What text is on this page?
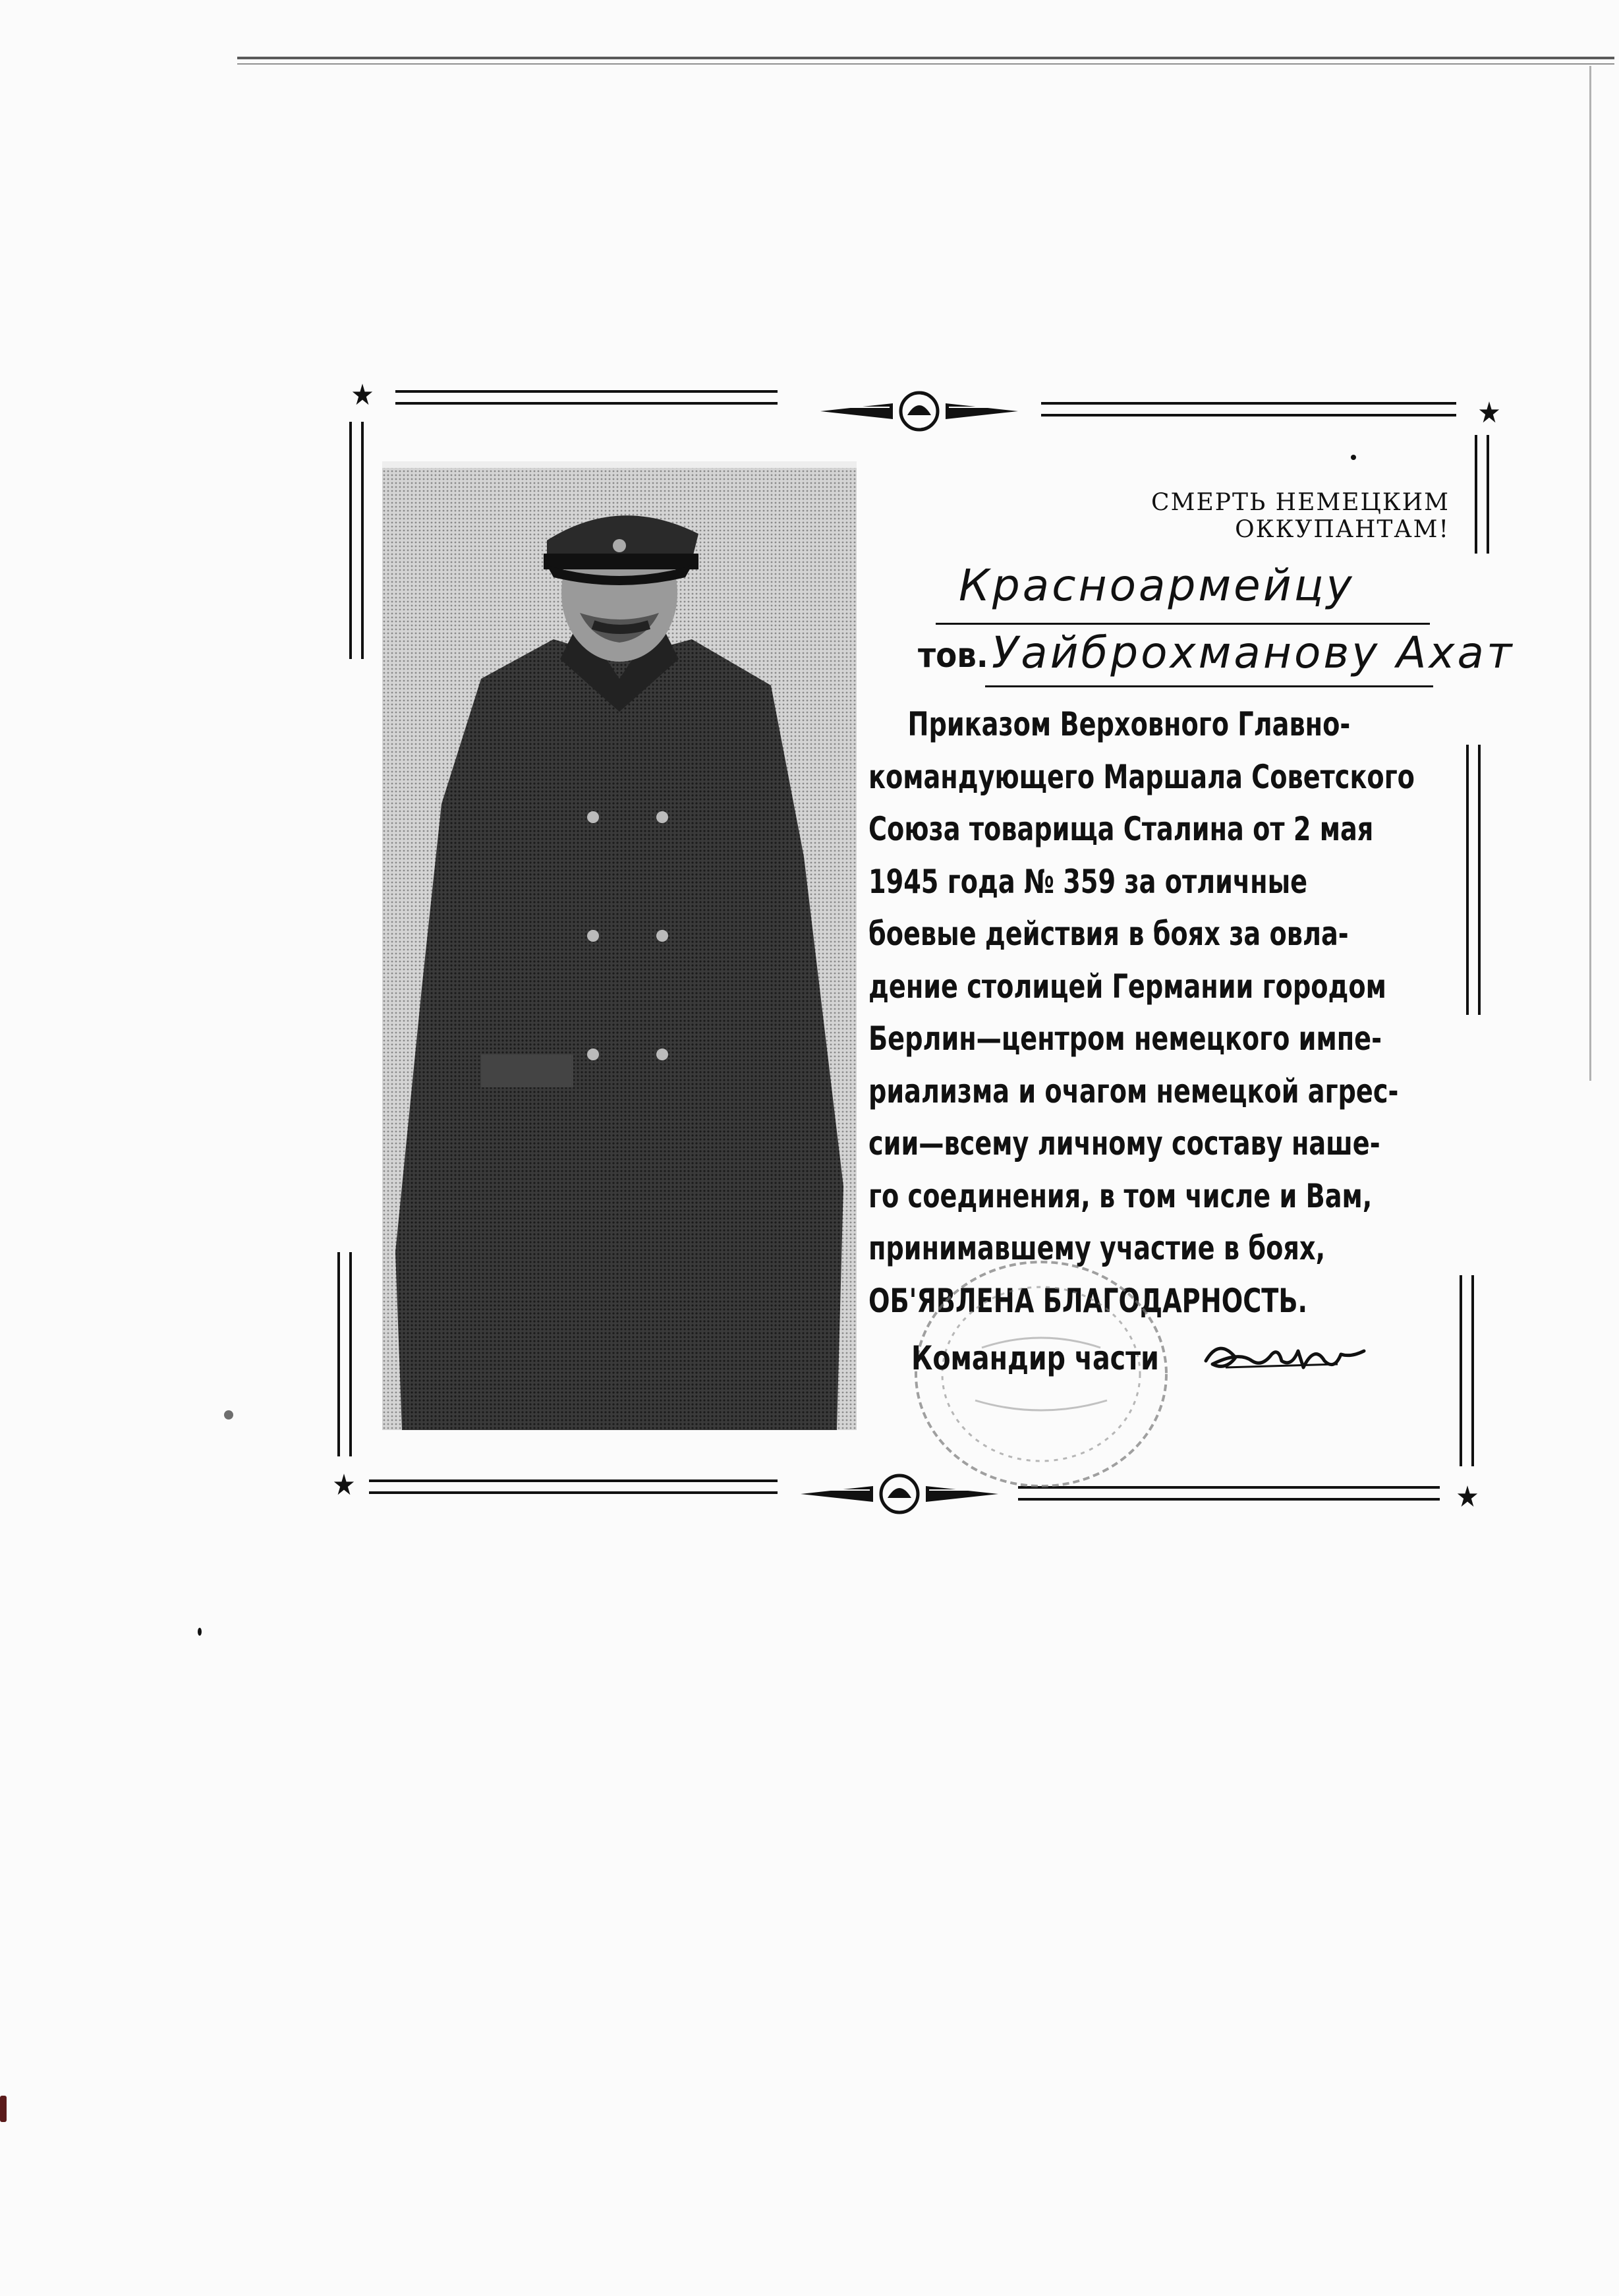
★
★
★	★
СМЕРТЬ НЕМЕЦКИМ ОККУПАНТАМ!
Красноармейцу
тов. Уайброхманову Ахат
Приказом Верховного Главно-
командующего Маршала Советского
Союза товарища Сталина от 2 мая
1945 года № 359 за отличные
боевые действия в боях за овла-
дение столицей Германии городом
Берлин—центром немецкого импе-
риализма и очагом немецкой агрес-
сии—всему личному составу наше-
го соединения, в том числе и Вам,
принимавшему участие в боях,
ОБ'ЯВЛЕНА БЛАГОДАРНОСТЬ.
Командир части
